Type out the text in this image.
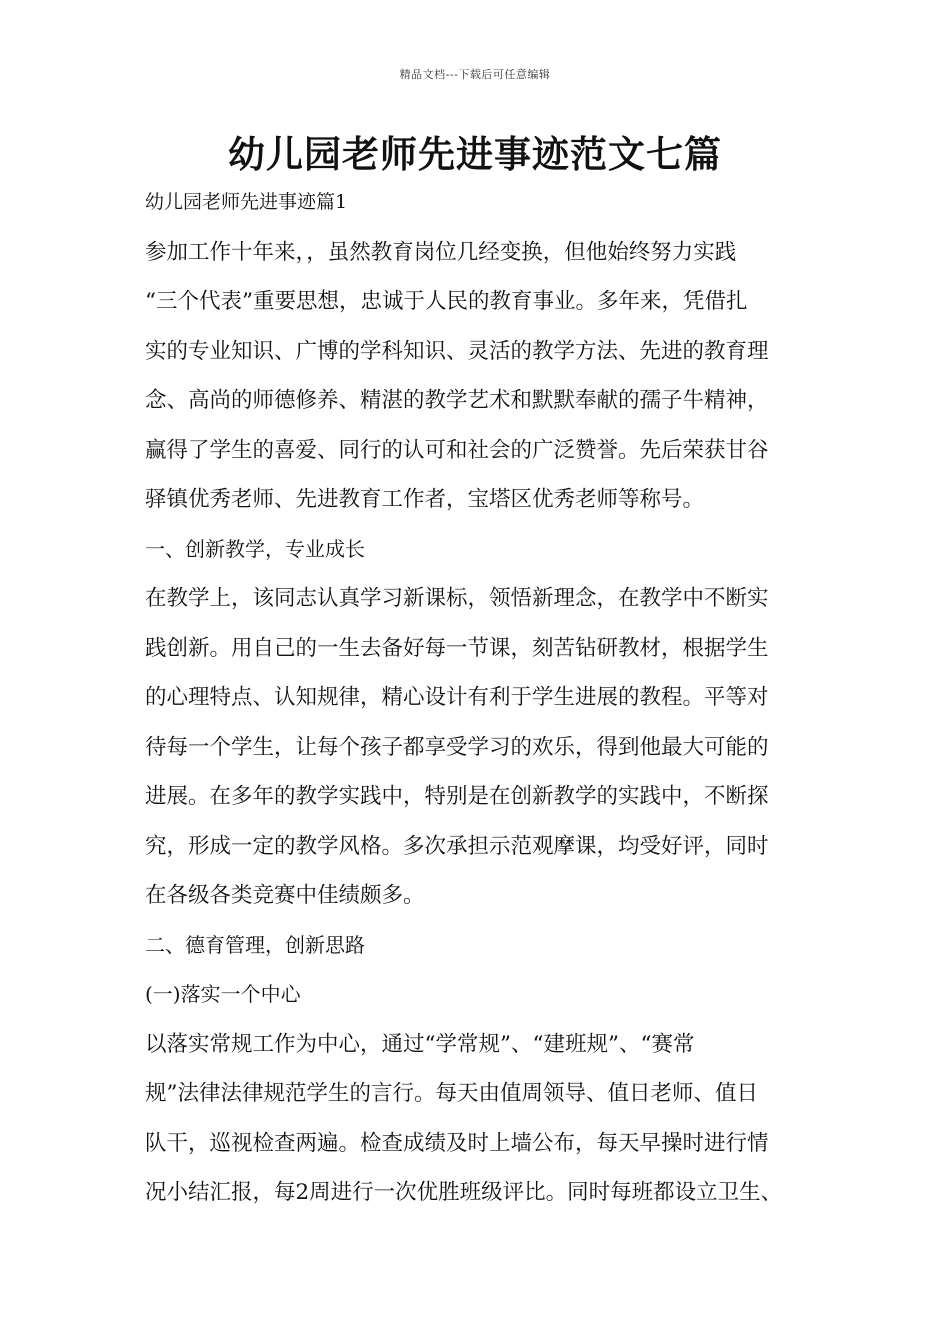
精品文档---下载后可任意编辑
幼儿园老师先进事迹范文七篇
幼儿园老师先进事迹篇1
参加工作十年来，，虽然教育岗位几经变换，但他始终努力实践
“三个代表”重要思想，忠诚于人民的教育事业。多年来，凭借扎
实的专业知识、广博的学科知识、灵活的教学方法、先进的教育理
念、高尚的师德修养、精湛的教学艺术和默默奉献的孺子牛精神，
赢得了学生的喜爱、同行的认可和社会的广泛赞誉。先后荣获甘谷
驿镇优秀老师、先进教育工作者，宝塔区优秀老师等称号。
一、创新教学，专业成长
在教学上，该同志认真学习新课标，领悟新理念，在教学中不断实
践创新。用自己的一生去备好每一节课，刻苦钻研教材，根据学生
的心理特点、认知规律，精心设计有利于学生进展的教程。平等对
待每一个学生，让每个孩子都享受学习的欢乐，得到他最大可能的
进展。在多年的教学实践中，特别是在创新教学的实践中，不断探
究，形成一定的教学风格。多次承担示范观摩课，均受好评，同时
在各级各类竞赛中佳绩颇多。
二、德育管理，创新思路
(一)落实一个中心
以落实常规工作为中心，通过“学常规”、“建班规”、“赛常
规”法律法律规范学生的言行。每天由值周领导、值日老师、值日
队干，巡视检查两遍。检查成绩及时上墙公布，每天早操时进行情
况小结汇报，每2周进行一次优胜班级评比。同时每班都设立卫生、
